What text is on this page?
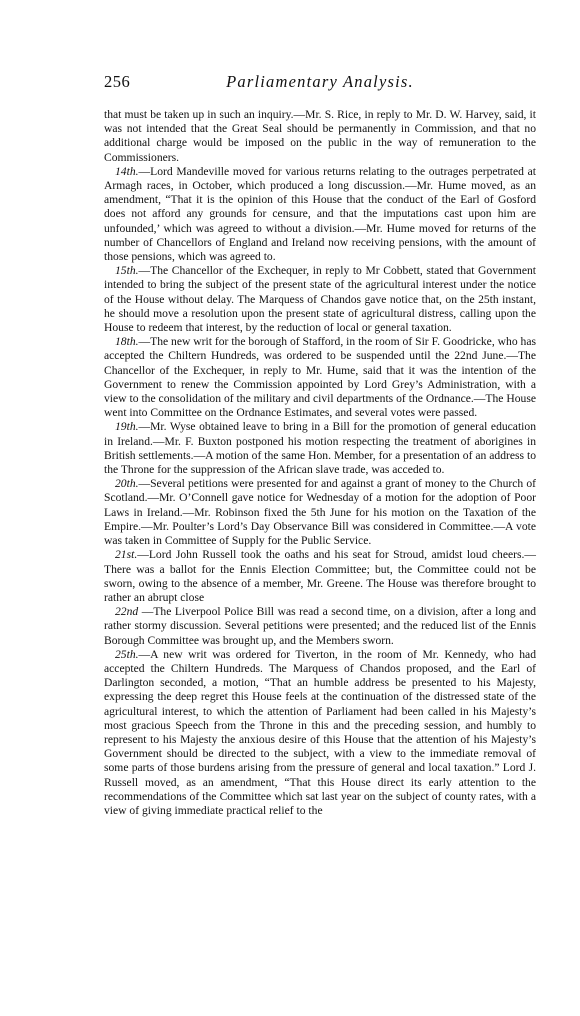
256	Parliamentary Analysis.

that must be taken up in such an inquiry.—Mr. S. Rice, in reply to Mr. D. W. Harvey, said, it was not intended that the Great Seal should be permanently in Commission, and that no additional charge would be imposed on the public in the way of remuneration to the Commissioners.

14th.—Lord Mandeville moved for various returns relating to the outrages perpetrated at Armagh races, in October, which produced a long discussion.—Mr. Hume moved, as an amendment, “That it is the opinion of this House that the conduct of the Earl of Gosford does not afford any grounds for censure, and that the imputations cast upon him are unfounded,’ which was agreed to without a division.—Mr. Hume moved for returns of the number of Chancellors of England and Ireland now receiving pensions, with the amount of those pensions, which was agreed to.

15th.—The Chancellor of the Exchequer, in reply to Mr Cobbett, stated that Government intended to bring the subject of the present state of the agricultural interest under the notice of the House without delay. The Marquess of Chandos gave notice that, on the 25th instant, he should move a resolution upon the present state of agricultural distress, calling upon the House to redeem that interest, by the reduction of local or general taxation.

18th.—The new writ for the borough of Stafford, in the room of Sir F. Goodricke, who has accepted the Chiltern Hundreds, was ordered to be suspended until the 22nd June.—The Chancellor of the Exchequer, in reply to Mr. Hume, said that it was the intention of the Government to renew the Commission appointed by Lord Grey’s Administration, with a view to the consolidation of the military and civil departments of the Ordnance.—The House went into Committee on the Ordnance Estimates, and several votes were passed.

19th.—Mr. Wyse obtained leave to bring in a Bill for the promotion of general education in Ireland.—Mr. F. Buxton postponed his motion respecting the treatment of aborigines in British settlements.—A motion of the same Hon. Member, for a presentation of an address to the Throne for the suppression of the African slave trade, was acceded to.

20th.—Several petitions were presented for and against a grant of money to the Church of Scotland.—Mr. O’Connell gave notice for Wednesday of a motion for the adoption of Poor Laws in Ireland.—Mr. Robinson fixed the 5th June for his motion on the Taxation of the Empire.—Mr. Poulter’s Lord’s Day Observance Bill was considered in Committee.—A vote was taken in Committee of Supply for the Public Service.

21st.—Lord John Russell took the oaths and his seat for Stroud, amidst loud cheers.—There was a ballot for the Ennis Election Committee; but, the Committee could not be sworn, owing to the absence of a member, Mr. Greene. The House was therefore brought to rather an abrupt close

22nd —The Liverpool Police Bill was read a second time, on a division, after a long and rather stormy discussion. Several petitions were presented; and the reduced list of the Ennis Borough Committee was brought up, and the Members sworn.

25th.—A new writ was ordered for Tiverton, in the room of Mr. Kennedy, who had accepted the Chiltern Hundreds. The Marquess of Chandos proposed, and the Earl of Darlington seconded, a motion, “That an humble address be presented to his Majesty, expressing the deep regret this House feels at the continuation of the distressed state of the agricultural interest, to which the attention of Parliament had been called in his Majesty’s most gracious Speech from the Throne in this and the preceding session, and humbly to represent to his Majesty the anxious desire of this House that the attention of his Majesty’s Government should be directed to the subject, with a view to the immediate removal of some parts of those burdens arising from the pressure of general and local taxation.” Lord J. Russell moved, as an amendment, “That this House direct its early attention to the recommendations of the Committee which sat last year on the subject of county rates, with a view of giving immediate practical relief to the
